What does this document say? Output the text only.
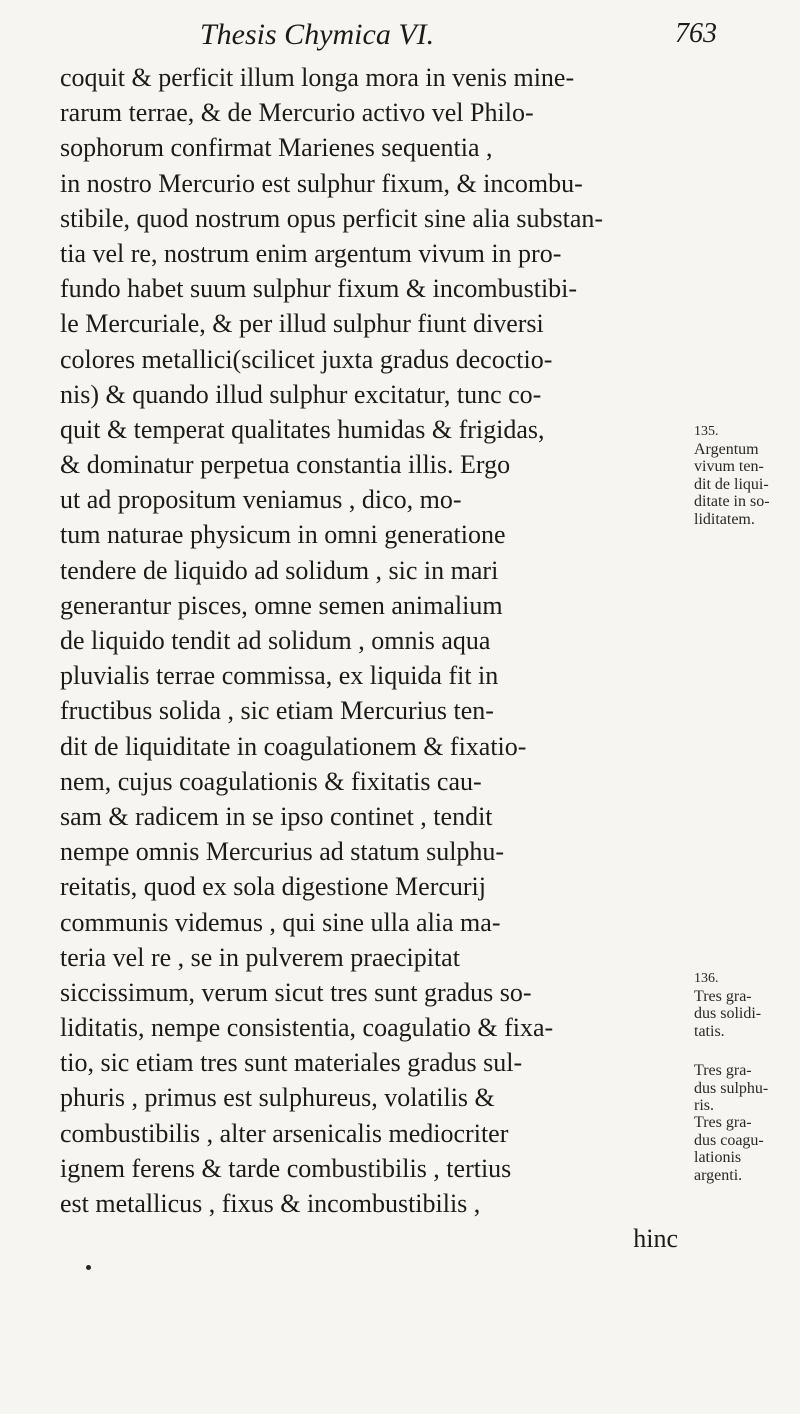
Thesis Chymica VI.	763
coquit & perficit illum longa mora in venis mine-
rarum terrae, & de Mercurio activo vel Philo-
sophorum confirmat Marienes sequentia ,
in nostro Mercurio est sulphur fixum, & incombu-
stibile, quod nostrum opus perficit sine alia substan-
tia vel re, nostrum enim argentum vivum in pro-
fundo habet suum sulphur fixum & incombustibi-
le Mercuriale, & per illud sulphur fiunt diversi
colores metallici(scilicet juxta gradus decoctio-
nis) & quando illud sulphur excitatur, tunc co-
quit & temperat qualitates humidas & frigidas,
& dominatur perpetua constantia illis. Ergo
ut ad propositum veniamus , dico, mo-
tum naturae physicum in omni generatione
tendere de liquido ad solidum , sic in mari
generantur pisces, omne semen animalium
de liquido tendit ad solidum , omnis aqua
pluvialis terrae commissa, ex liquida fit in
fructibus solida , sic etiam Mercurius ten-
dit de liquiditate in coagulationem & fixatio-
nem, cujus coagulationis & fixitatis cau-
sam & radicem in se ipso continet , tendit
nempe omnis Mercurius ad statum sulphu-
reitatis, quod ex sola digestione Mercurij
communis videmus , qui sine ulla alia ma-
teria vel re , se in pulverem praecipitat
siccissimum, verum sicut tres sunt gradus so-
liditatis, nempe consistentia, coagulatio & fixa-
tio, sic etiam tres sunt materiales gradus sul-
phuris , primus est sulphureus, volatilis &
combustibilis , alter arsenicalis mediocriter
ignem ferens & tarde combustibilis , tertius
est metallicus , fixus & incombustibilis ,
hinc
135.
Argentum
vivum ten-
dit de liqui-
ditate in so-
liditatem.
136.
Tres gra-
dus solidi-
tatis.
Tres gra-
dus sulphu-
ris.
Tres gra-
dus coagu-
lationis
argenti.
